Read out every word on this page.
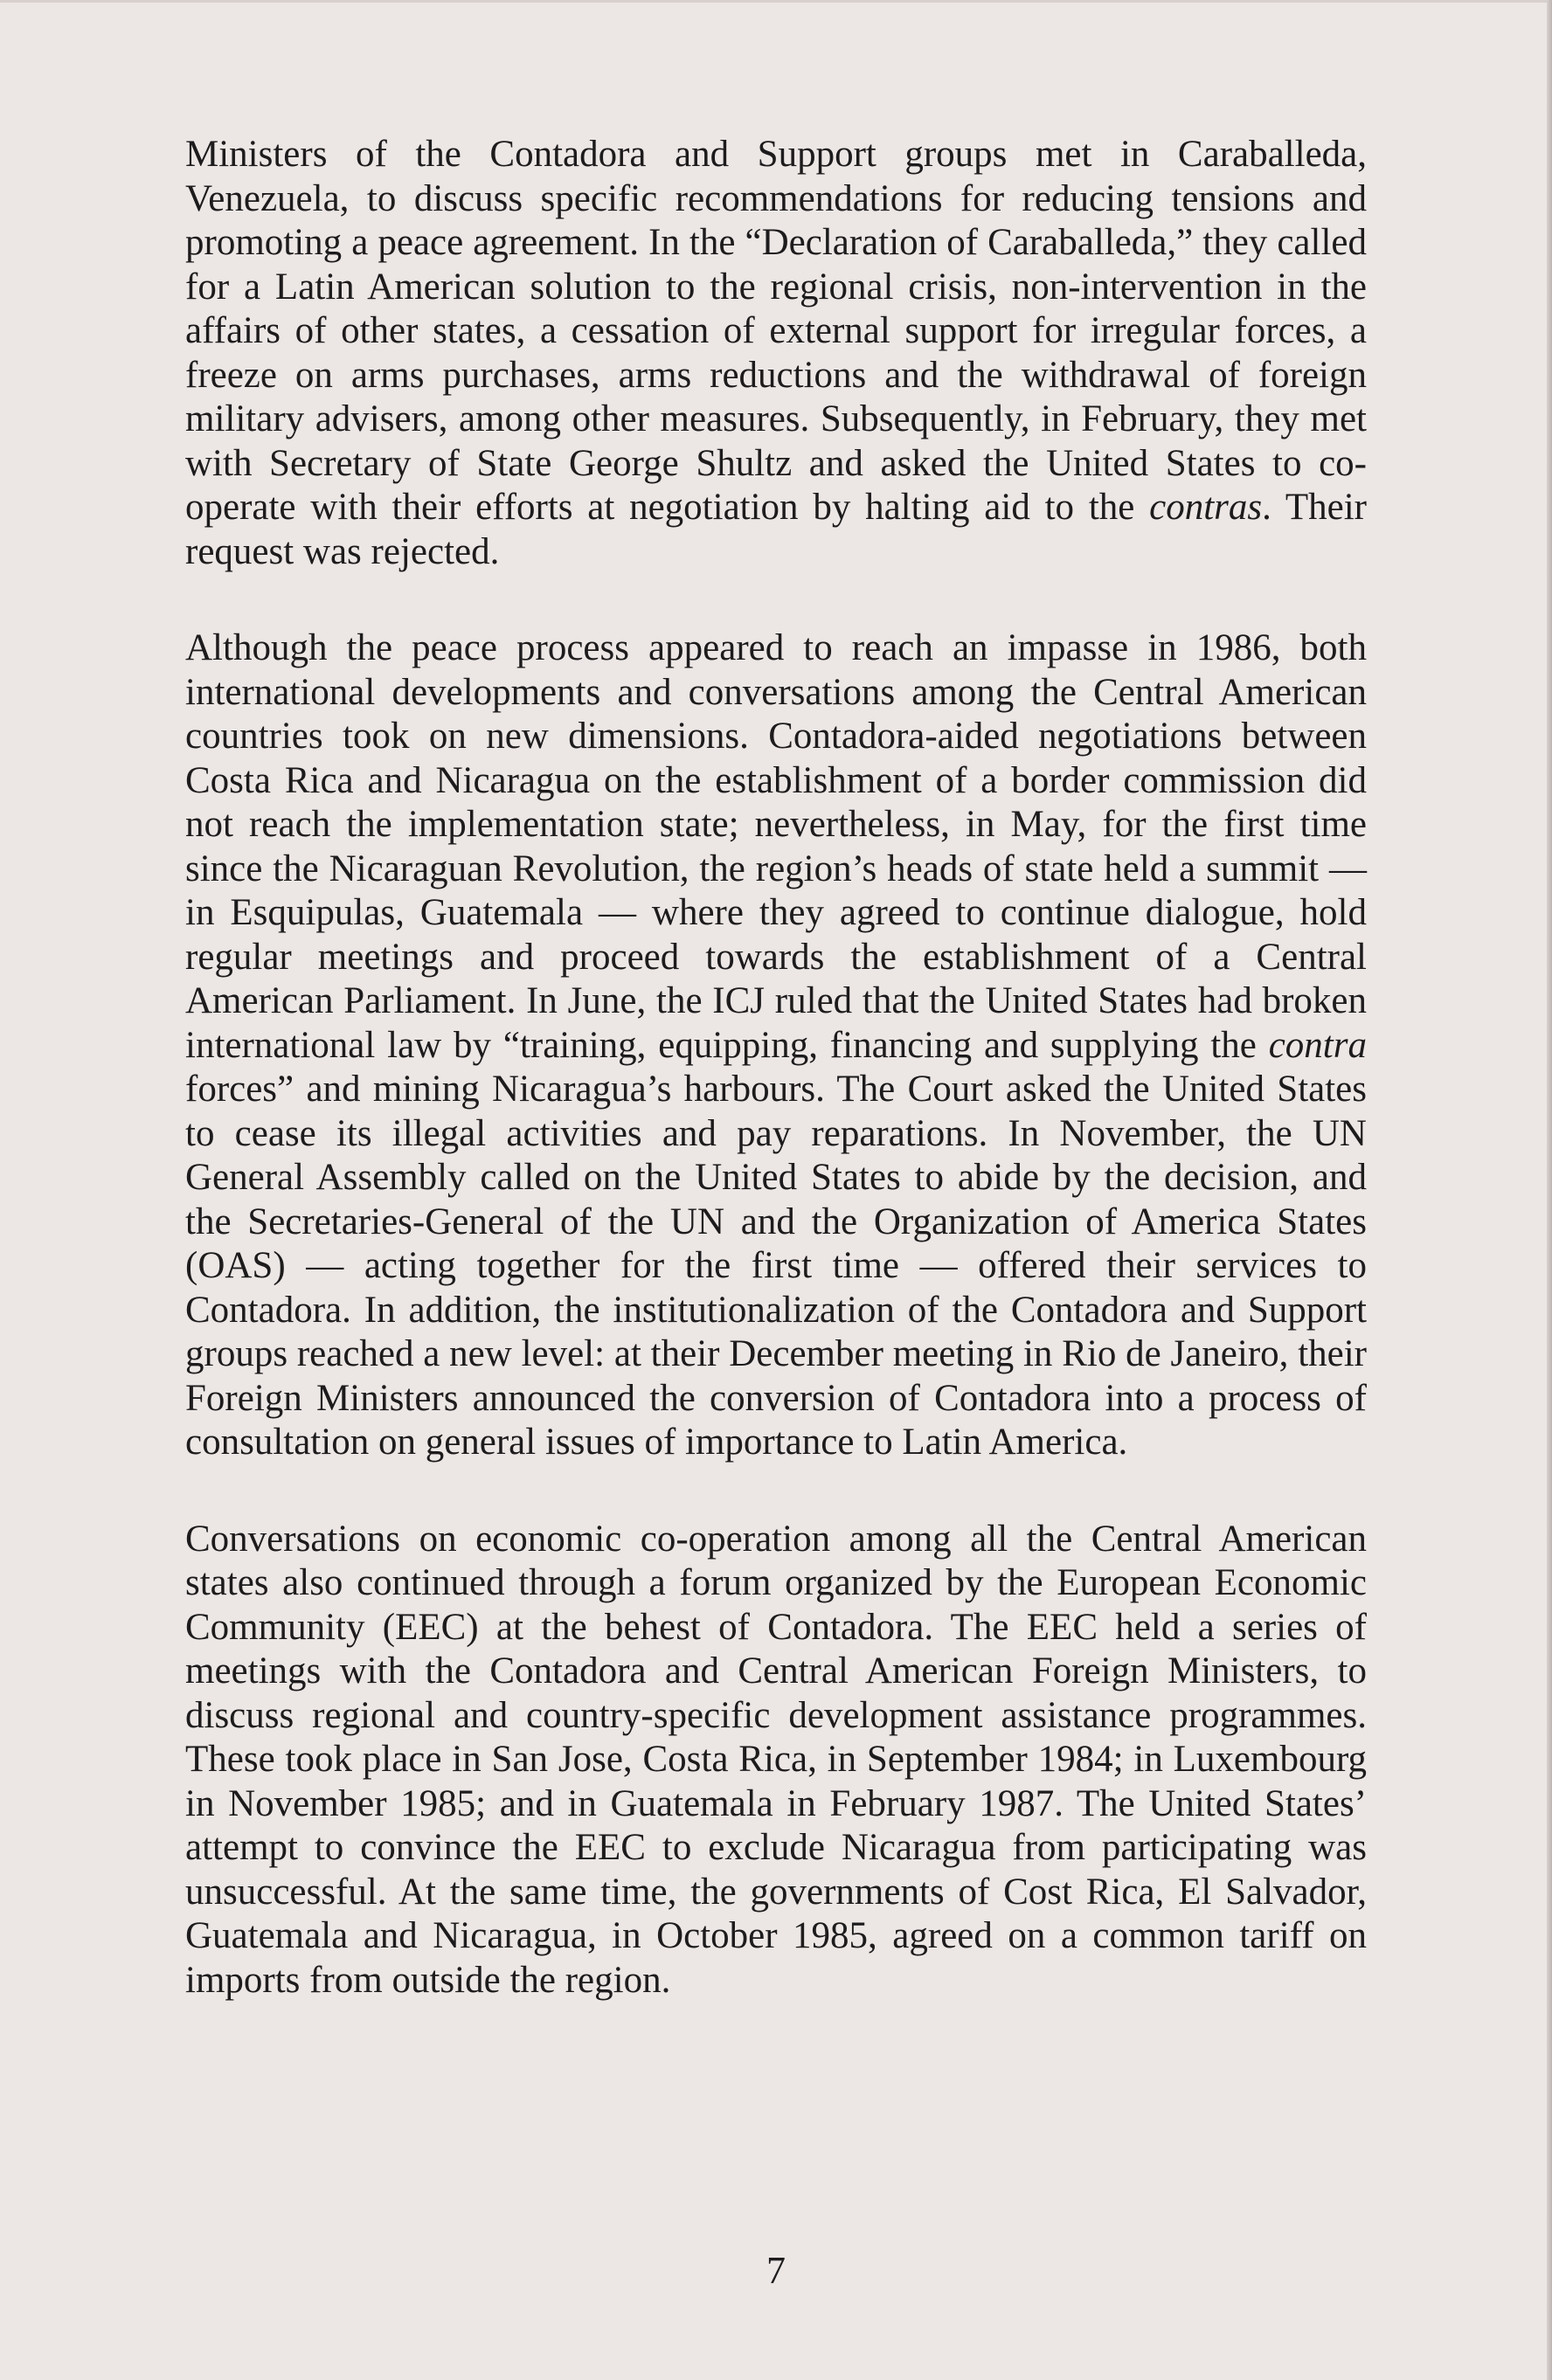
Ministers of the Contadora and Support groups met in Caraballeda, Venezuela, to discuss specific recommendations for reducing tensions and promoting a peace agreement. In the “Declaration of Caraballeda,” they called for a Latin American solution to the regional crisis, non-intervention in the affairs of other states, a cessation of external support for irregular forces, a freeze on arms purchases, arms reductions and the withdrawal of foreign military advisers, among other measures. Subsequently, in February, they met with Secretary of State George Shultz and asked the United States to co-operate with their efforts at negotiation by halting aid to the contras. Their request was rejected.

Although the peace process appeared to reach an impasse in 1986, both international developments and conversations among the Central American countries took on new dimensions. Contadora-aided negotiations between Costa Rica and Nicaragua on the establishment of a border commission did not reach the implementation state; nevertheless, in May, for the first time since the Nicaraguan Revolution, the region’s heads of state held a summit — in Esquipulas, Guatemala — where they agreed to continue dialogue, hold regular meetings and proceed towards the establishment of a Central American Parliament. In June, the ICJ ruled that the United States had broken international law by “training, equipping, financing and supplying the contra forces” and mining Nicaragua’s harbours. The Court asked the United States to cease its illegal activities and pay reparations. In November, the UN General Assembly called on the United States to abide by the decision, and the Secretaries-General of the UN and the Organization of America States (OAS) — acting together for the first time — offered their services to Contadora. In addition, the institutionalization of the Contadora and Support groups reached a new level: at their December meeting in Rio de Janeiro, their Foreign Ministers announced the conversion of Contadora into a process of consultation on general issues of importance to Latin America.

Conversations on economic co-operation among all the Central American states also continued through a forum organized by the European Economic Community (EEC) at the behest of Contadora. The EEC held a series of meetings with the Contadora and Central American Foreign Ministers, to discuss regional and country-specific development assistance programmes. These took place in San Jose, Costa Rica, in September 1984; in Luxembourg in November 1985; and in Guatemala in February 1987. The United States’ attempt to convince the EEC to exclude Nicaragua from participating was unsuccessful. At the same time, the governments of Cost Rica, El Salvador, Guatemala and Nicaragua, in October 1985, agreed on a common tariff on imports from outside the region.

7
